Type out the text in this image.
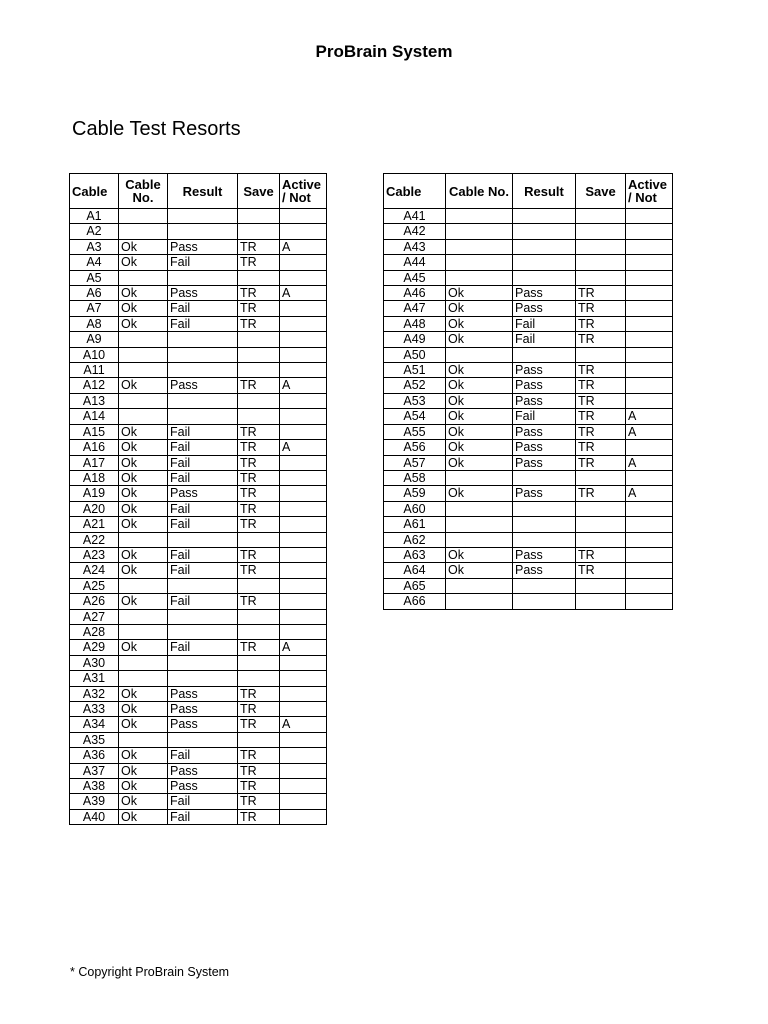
ProBrain System
Cable Test Resorts
Cable	Cable No.	Result	Save	Active / Not
A1				
A2				
A3	Ok	Pass	TR	A
A4	Ok	Fail	TR	
A5				
A6	Ok	Pass	TR	A
A7	Ok	Fail	TR	
A8	Ok	Fail	TR	
A9				
A10				
A11				
A12	Ok	Pass	TR	A
A13				
A14				
A15	Ok	Fail	TR	
A16	Ok	Fail	TR	A
A17	Ok	Fail	TR	
A18	Ok	Fail	TR	
A19	Ok	Pass	TR	
A20	Ok	Fail	TR	
A21	Ok	Fail	TR	
A22				
A23	Ok	Fail	TR	
A24	Ok	Fail	TR	
A25				
A26	Ok	Fail	TR	
A27				
A28				
A29	Ok	Fail	TR	A
A30				
A31				
A32	Ok	Pass	TR	
A33	Ok	Pass	TR	
A34	Ok	Pass	TR	A
A35				
A36	Ok	Fail	TR	
A37	Ok	Pass	TR	
A38	Ok	Pass	TR	
A39	Ok	Fail	TR	
A40	Ok	Fail	TR	
Cable	Cable No.	Result	Save	Active / Not
A41				
A42				
A43				
A44				
A45				
A46	Ok	Pass	TR	
A47	Ok	Pass	TR	
A48	Ok	Fail	TR	
A49	Ok	Fail	TR	
A50				
A51	Ok	Pass	TR	
A52	Ok	Pass	TR	
A53	Ok	Pass	TR	
A54	Ok	Fail	TR	A
A55	Ok	Pass	TR	A
A56	Ok	Pass	TR	
A57	Ok	Pass	TR	A
A58				
A59	Ok	Pass	TR	A
A60				
A61				
A62				
A63	Ok	Pass	TR	
A64	Ok	Pass	TR	
A65				
A66				
* Copyright ProBrain System
